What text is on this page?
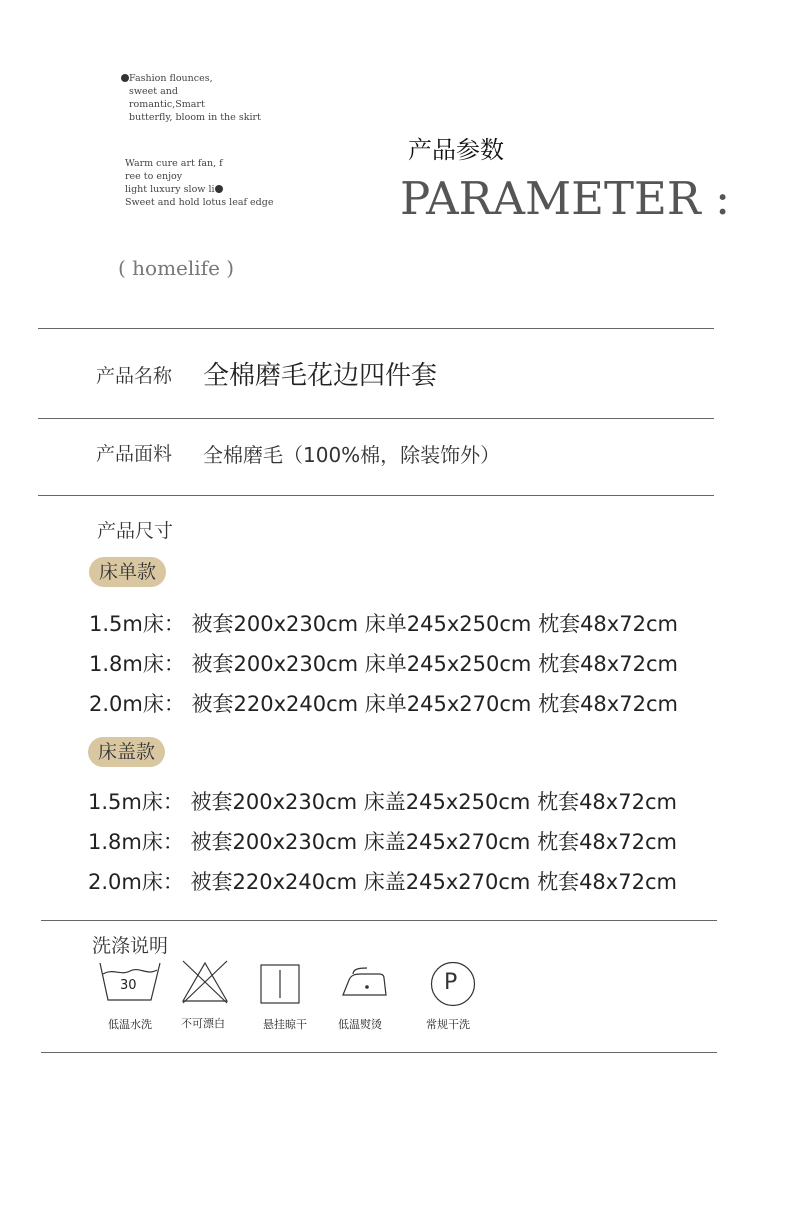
Fashion flounces,
sweet and
romantic,Smart
butterfly, bloom in the skirt
Warm cure art fan, f
ree to enjoy
light luxury slow li
Sweet and hold lotus leaf edge
产品参数
PARAMETER :
( homelife )
产品名称 全棉磨毛花边四件套
产品面料 全棉磨毛（100%棉，除装饰外）
产品尺寸
床单款
1.5m床： 被套200x230cm 床单245x250cm 枕套48x72cm
1.8m床： 被套200x230cm 床单245x250cm 枕套48x72cm
2.0m床： 被套220x240cm 床单245x270cm 枕套48x72cm
床盖款
1.5m床： 被套200x230cm 床盖245x250cm 枕套48x72cm
1.8m床： 被套200x230cm 床盖245x270cm 枕套48x72cm
2.0m床： 被套220x240cm 床盖245x270cm 枕套48x72cm
洗涤说明
30
低温水洗	不可漂白	悬挂晾干	低温熨烫
P
常规干洗
